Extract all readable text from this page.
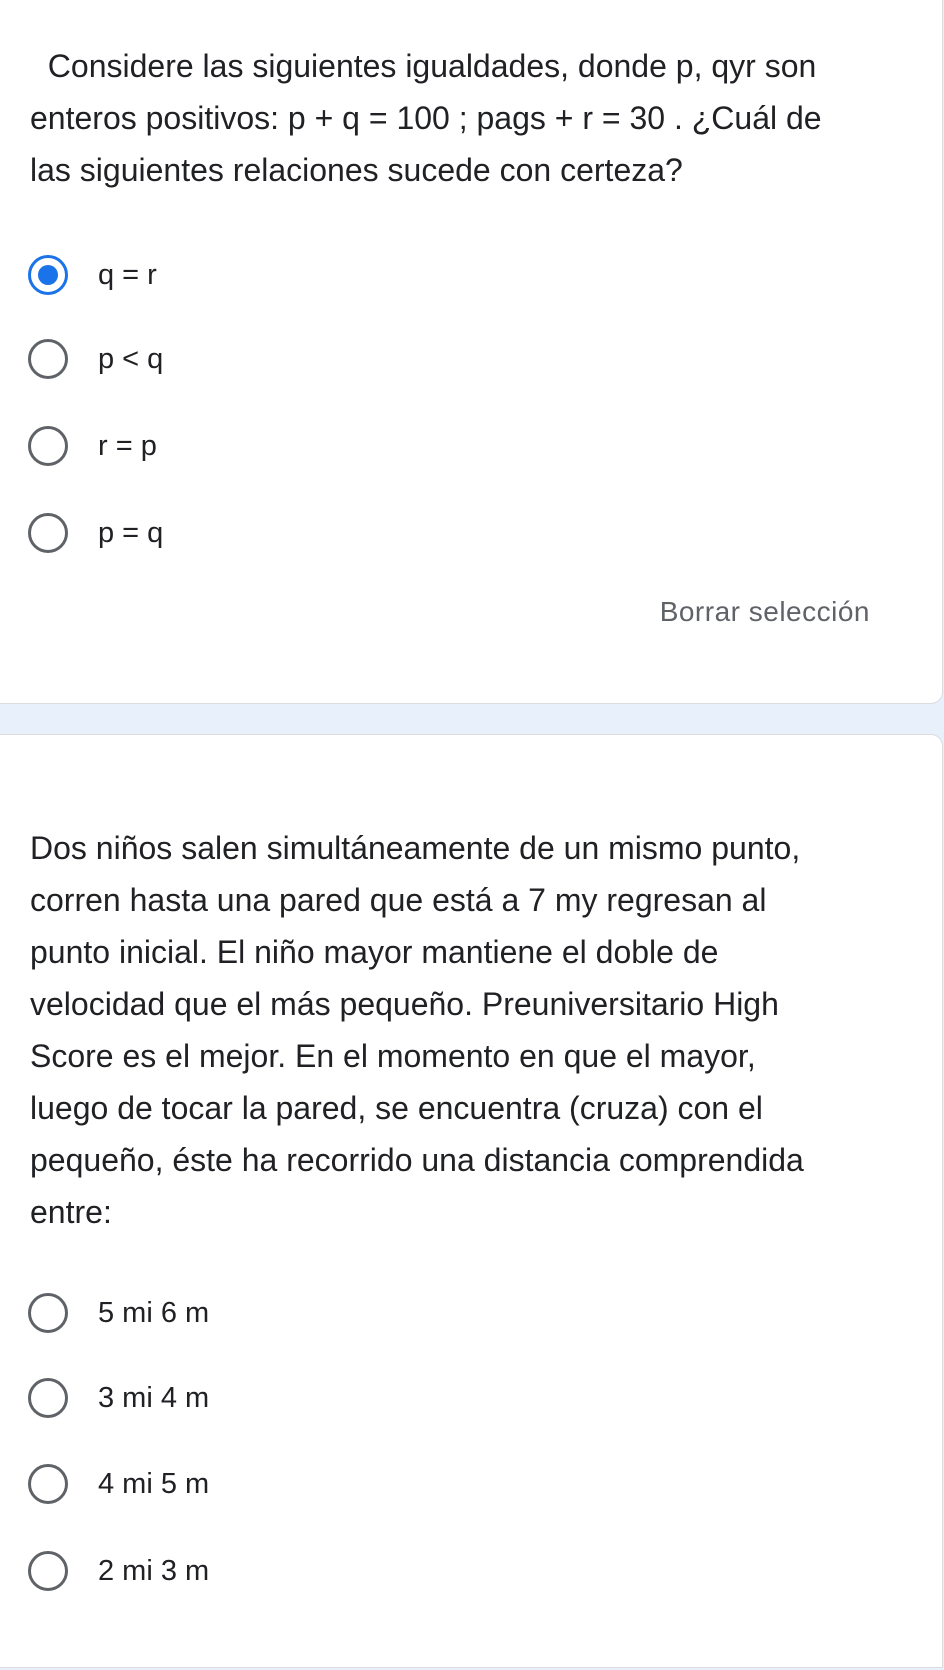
Considere las siguientes igualdades, donde p, qyr son
enteros positivos: p + q = 100 ; pags + r = 30 . ¿Cuál de
las siguientes relaciones sucede con certeza?
q = r
p < q
r = p
p = q
Borrar selección
Dos niños salen simultáneamente de un mismo punto,
corren hasta una pared que está a 7 my regresan al
punto inicial. El niño mayor mantiene el doble de
velocidad que el más pequeño. Preuniversitario High
Score es el mejor. En el momento en que el mayor,
luego de tocar la pared, se encuentra (cruza) con el
pequeño, éste ha recorrido una distancia comprendida
entre:
5 mi 6 m
3 mi 4 m
4 mi 5 m
2 mi 3 m
